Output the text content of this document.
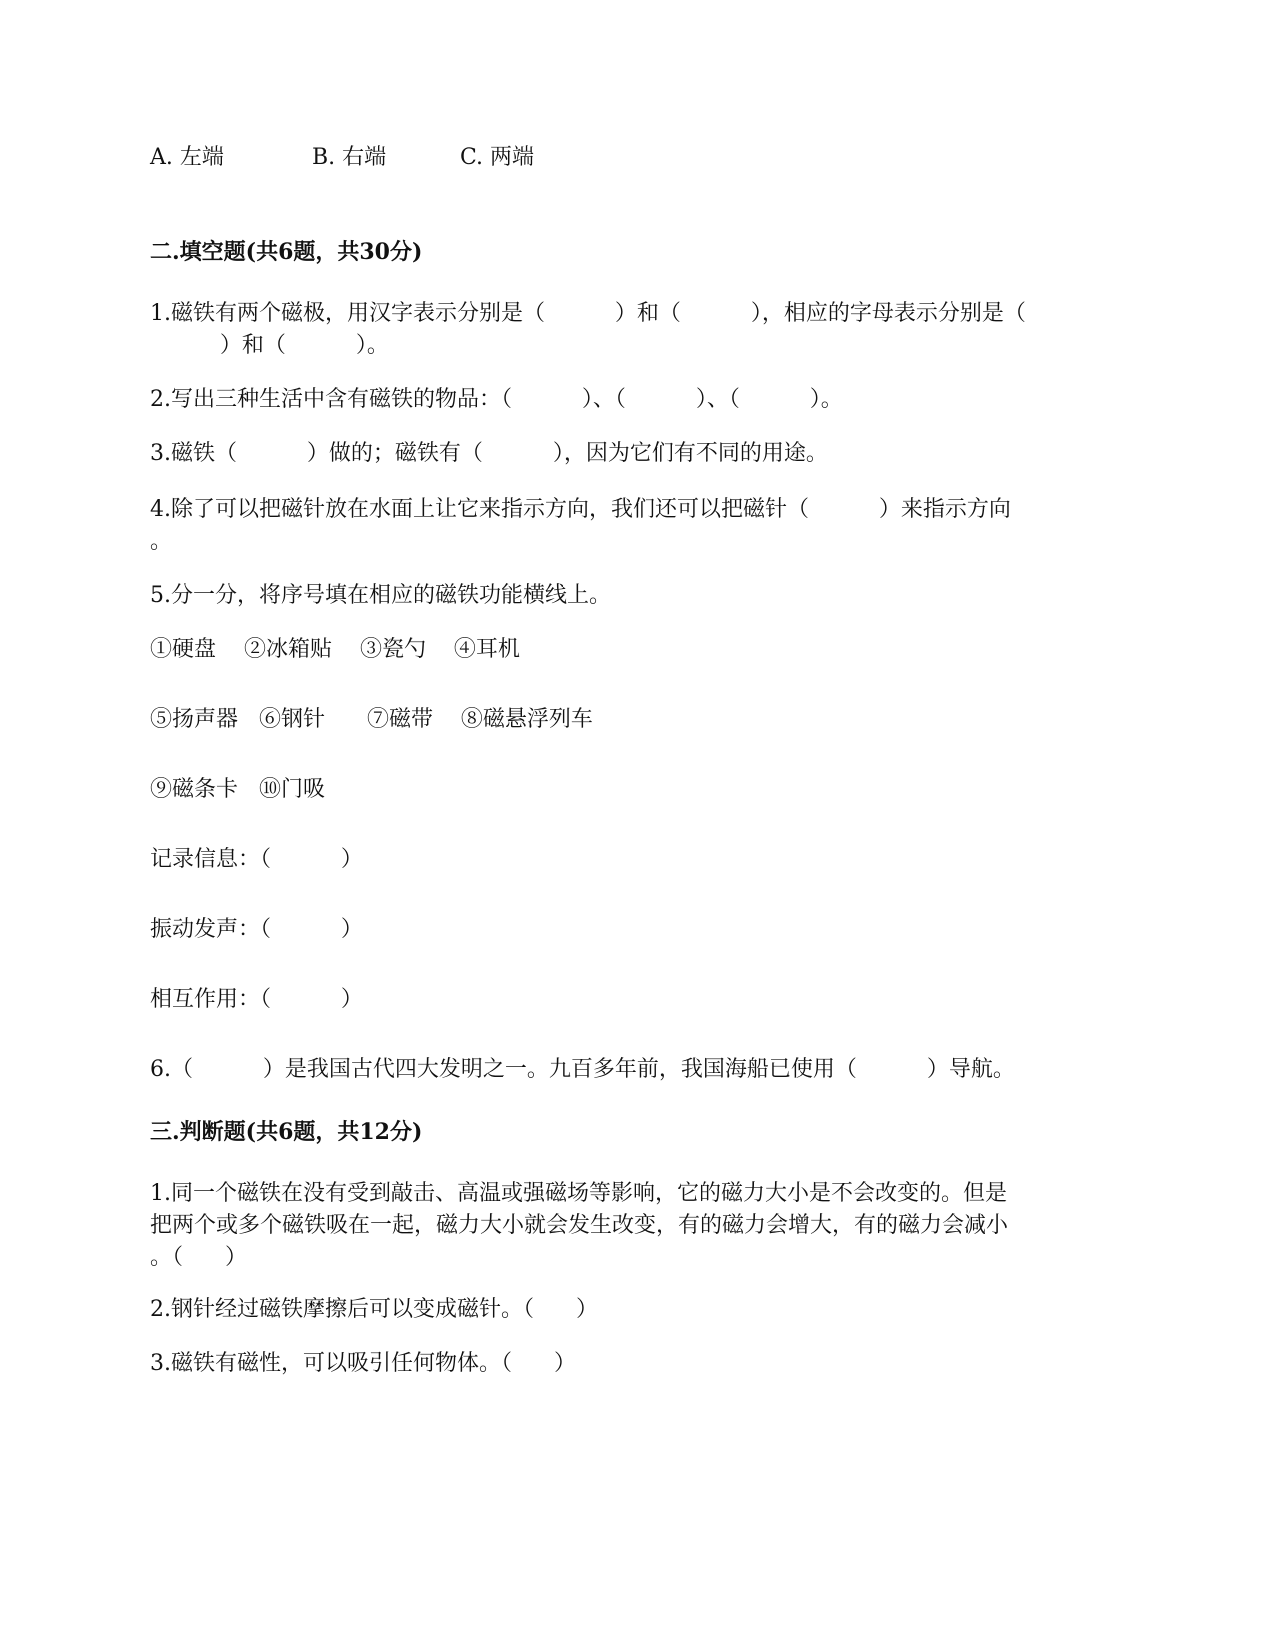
A. 左端	B. 右端	C. 两端
二.填空题(共6题，共30分)
1.磁铁有两个磁极，用汉字表示分别是（          ）和（          ），相应的字母表示分别是（
）和（          ）。
2.写出三种生活中含有磁铁的物品：（          ）、（          ）、（          ）。
3.磁铁（          ）做的；磁铁有（          ），因为它们有不同的用途。
4.除了可以把磁针放在水面上让它来指示方向，我们还可以把磁针（          ）来指示方向
。
5.分一分，将序号填在相应的磁铁功能横线上。
①硬盘    ②冰箱贴    ③瓷勺    ④耳机
⑤扬声器   ⑥钢针      ⑦磁带    ⑧磁悬浮列车
⑨磁条卡   ⑩门吸
记录信息：（          ）
振动发声：（          ）
相互作用：（          ）
6.（          ）是我国古代四大发明之一。九百多年前，我国海船已使用（          ）导航。
三.判断题(共6题，共12分)
1.同一个磁铁在没有受到敲击、高温或强磁场等影响，它的磁力大小是不会改变的。但是
把两个或多个磁铁吸在一起，磁力大小就会发生改变，有的磁力会增大，有的磁力会减小
。（      ）
2.钢针经过磁铁摩擦后可以变成磁针。（      ）
3.磁铁有磁性，可以吸引任何物体。（      ）
